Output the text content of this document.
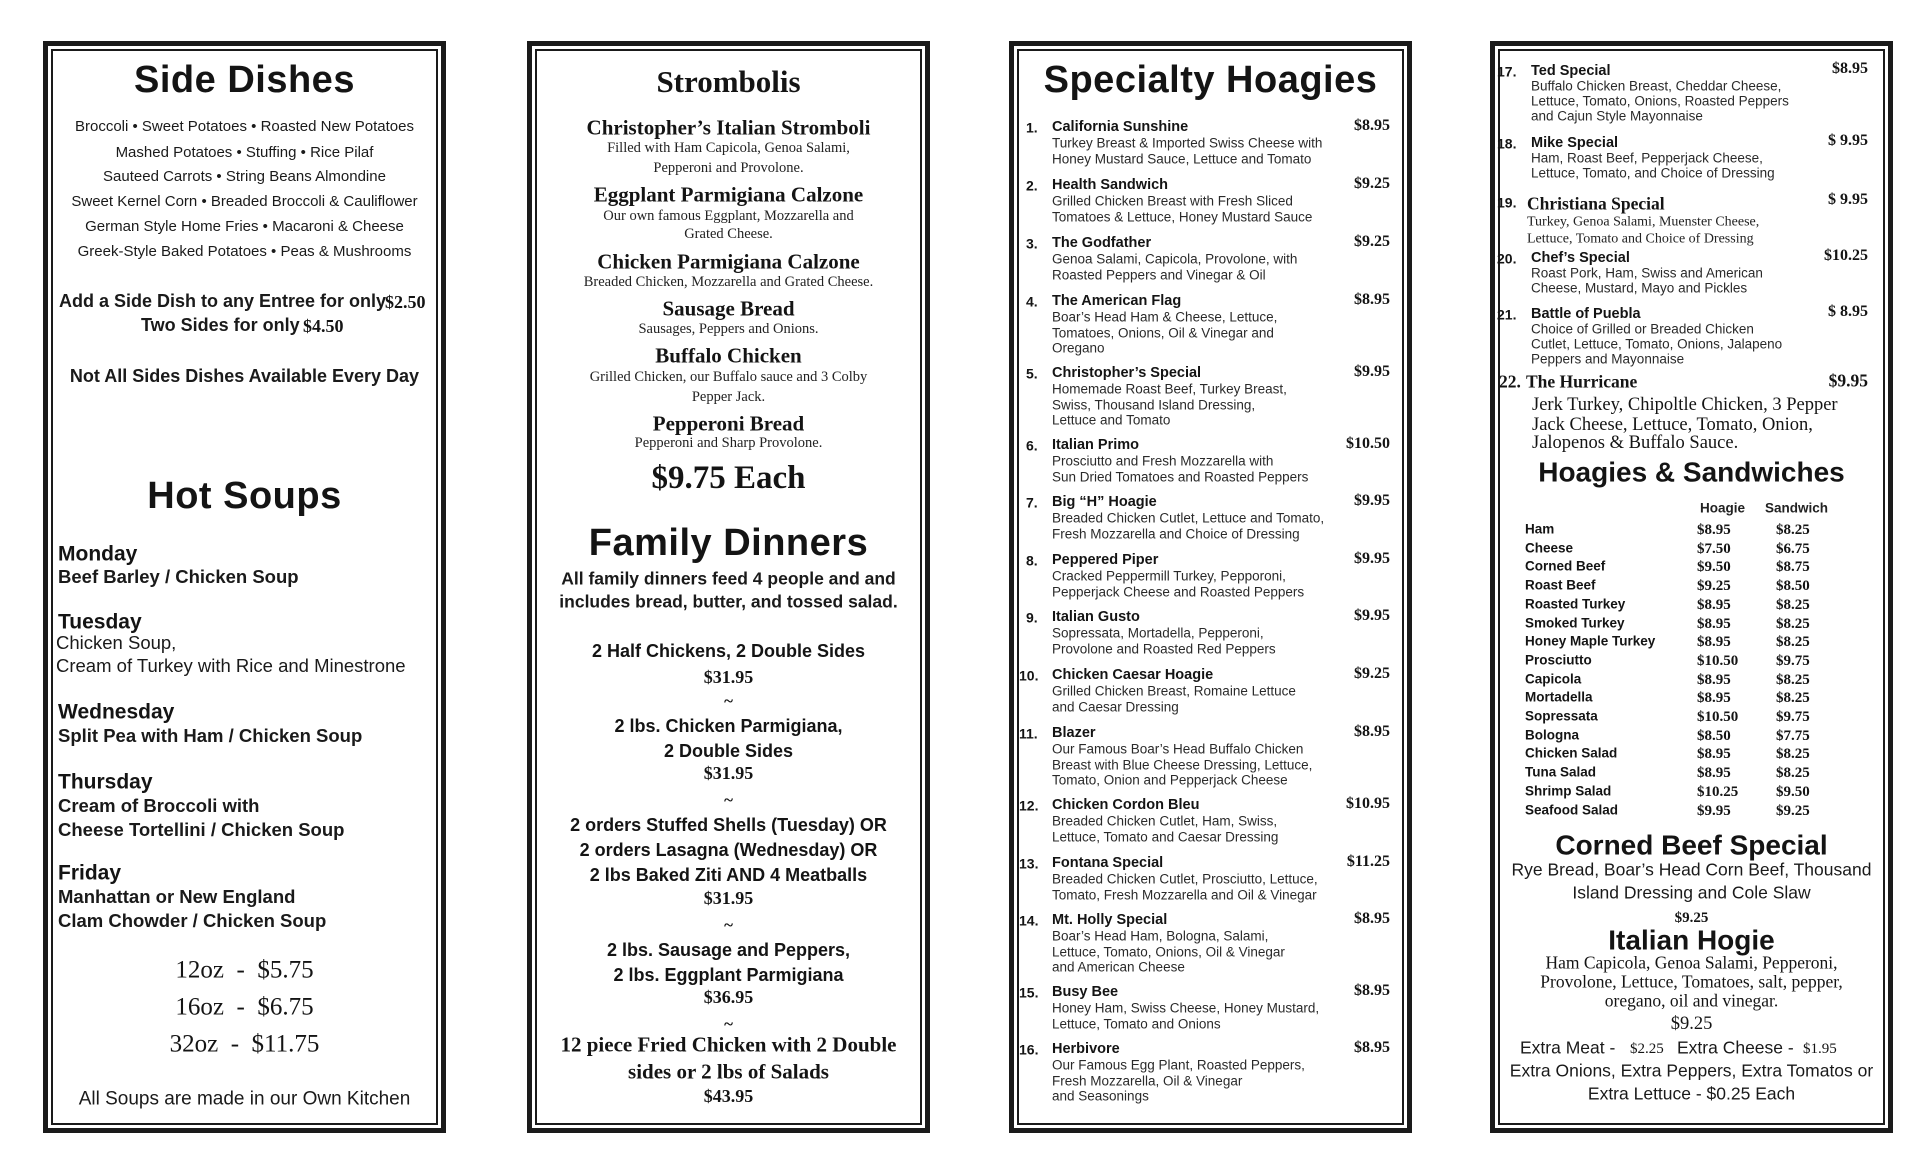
Side Dishes
Broccoli • Sweet Potatoes • Roasted New Potatoes
Mashed Potatoes • Stuffing • Rice Pilaf
Sauteed Carrots • String Beans Almondine
Sweet Kernel Corn • Breaded Broccoli & Cauliflower
German Style Home Fries • Macaroni & Cheese
Greek-Style Baked Potatoes • Peas & Mushrooms
Add a Side Dish to any Entree for only
$2.50
Two Sides for only $4.50
Not All Sides Dishes Available Every Day
Hot Soups
Monday
Beef Barley / Chicken Soup
Tuesday
Chicken Soup,
Cream of Turkey with Rice and Minestrone
Wednesday
Split Pea with Ham / Chicken Soup
Thursday
Cream of Broccoli with
Cheese Tortellini / Chicken Soup
Friday
Manhattan or New England
Clam Chowder / Chicken Soup
12oz  -  $5.75
16oz  -  $6.75
32oz  -  $11.75
All Soups are made in our Own Kitchen
Strombolis
Christopher’s Italian Stromboli
Filled with Ham Capicola, Genoa Salami,
Pepperoni and Provolone.
Eggplant Parmigiana Calzone
Our own famous Eggplant, Mozzarella and
Grated Cheese.
Chicken Parmigiana Calzone
Breaded Chicken, Mozzarella and Grated Cheese.
Sausage Bread
Sausages, Peppers and Onions.
Buffalo Chicken
Grilled Chicken, our Buffalo sauce and 3 Colby
Pepper Jack.
Pepperoni Bread
Pepperoni and Sharp Provolone.
$9.75 Each
Family Dinners
All family dinners feed 4 people and and
includes bread, butter, and tossed salad.
2 Half Chickens, 2 Double Sides
$31.95
2 lbs. Chicken Parmigiana,
2 Double Sides
$31.95
2 orders Stuffed Shells (Tuesday) OR
2 orders Lasagna (Wednesday) OR
2 lbs Baked Ziti AND 4 Meatballs
$31.95
2 lbs. Sausage and Peppers,
2 lbs. Eggplant Parmigiana
$36.95
12 piece Fried Chicken with 2 Double
sides or 2 lbs of Salads
$43.95
~
~
~
~
Specialty Hoagies
1. California Sunshine	$8.95
Turkey Breast & Imported Swiss Cheese with
Honey Mustard Sauce, Lettuce and Tomato
2. Health Sandwich	$9.25
Grilled Chicken Breast with Fresh Sliced
Tomatoes & Lettuce, Honey Mustard Sauce
3. The Godfather	$9.25
Genoa Salami, Capicola, Provolone, with
Roasted Peppers and Vinegar & Oil
4. The American Flag	$8.95
Boar’s Head Ham & Cheese, Lettuce,
Tomatoes, Onions, Oil & Vinegar and
Oregano
5. Christopher’s Special	$9.95
Homemade Roast Beef, Turkey Breast,
Swiss, Thousand Island Dressing,
Lettuce and Tomato
6. Italian Primo	$10.50
Prosciutto and Fresh Mozzarella with
Sun Dried Tomatoes and Roasted Peppers
7. Big “H” Hoagie	$9.95
Breaded Chicken Cutlet, Lettuce and Tomato,
Fresh Mozzarella and Choice of Dressing
8. Peppered Piper	$9.95
Cracked Peppermill Turkey, Pepporoni,
Pepperjack Cheese and Roasted Peppers
9. Italian Gusto	$9.95
Sopressata, Mortadella, Pepperoni,
Provolone and Roasted Red Peppers
10. Chicken Caesar Hoagie	$9.25
Grilled Chicken Breast, Romaine Lettuce
and Caesar Dressing
11. Blazer	$8.95
Our Famous Boar’s Head Buffalo Chicken
Breast with Blue Cheese Dressing, Lettuce,
Tomato, Onion and Pepperjack Cheese
12. Chicken Cordon Bleu	$10.95
Breaded Chicken Cutlet, Ham, Swiss,
Lettuce, Tomato and Caesar Dressing
13. Fontana Special	$11.25
Breaded Chicken Cutlet, Prosciutto, Lettuce,
Tomato, Fresh Mozzarella and Oil & Vinegar
14. Mt. Holly Special	$8.95
Boar’s Head Ham, Bologna, Salami,
Lettuce, Tomato, Onions, Oil & Vinegar
and American Cheese
15. Busy Bee	$8.95
Honey Ham, Swiss Cheese, Honey Mustard,
Lettuce, Tomato and Onions
16. Herbivore	$8.95
Our Famous Egg Plant, Roasted Peppers,
Fresh Mozzarella, Oil & Vinegar
and Seasonings
17. Ted Special	$8.95
Buffalo Chicken Breast, Cheddar Cheese,
Lettuce, Tomato, Onions, Roasted Peppers
and Cajun Style Mayonnaise
18. Mike Special	$ 9.95
Ham, Roast Beef, Pepperjack Cheese,
Lettuce, Tomato, and Choice of Dressing
19. Christiana Special	$ 9.95
Turkey, Genoa Salami, Muenster Cheese,
Lettuce, Tomato and Choice of Dressing
20. Chef’s Special	$10.25
Roast Pork, Ham, Swiss and American
Cheese, Mustard, Mayo and Pickles
21. Battle of Puebla	$ 8.95
Choice of Grilled or Breaded Chicken
Cutlet, Lettuce, Tomato, Onions, Jalapeno
Peppers and Mayonnaise
22. The Hurricane	$9.95
Jerk Turkey, Chipoltle Chicken, 3 Pepper
Jack Cheese, Lettuce, Tomato, Onion,
Jalopenos & Buffalo Sauce.
Hoagies & Sandwiches
Hoagie Sandwich
Ham	$8.95	$8.25
Cheese	$7.50	$6.75
Corned Beef	$9.50	$8.75
Roast Beef	$9.25	$8.50
Roasted Turkey	$8.95	$8.25
Smoked Turkey	$8.95	$8.25
Honey Maple Turkey	$8.95	$8.25
Prosciutto	$10.50	$9.75
Capicola	$8.95	$8.25
Mortadella	$8.95	$8.25
Sopressata	$10.50	$9.75
Bologna	$8.50	$7.75
Chicken Salad	$8.95	$8.25
Tuna Salad	$8.95	$8.25
Shrimp Salad	$10.25	$9.50
Seafood Salad	$9.95	$9.25
Corned Beef Special
Rye Bread, Boar’s Head Corn Beef, Thousand
Island Dressing and Cole Slaw
$9.25
Italian Hogie
Ham Capicola, Genoa Salami, Pepperoni,
Provolone, Lettuce, Tomatoes, salt, pepper,
oregano, oil and vinegar.
$9.25
Extra Meat - $2.25 Extra Cheese - $1.95
Extra Onions, Extra Peppers, Extra Tomatos or
Extra Lettuce - $0.25 Each
